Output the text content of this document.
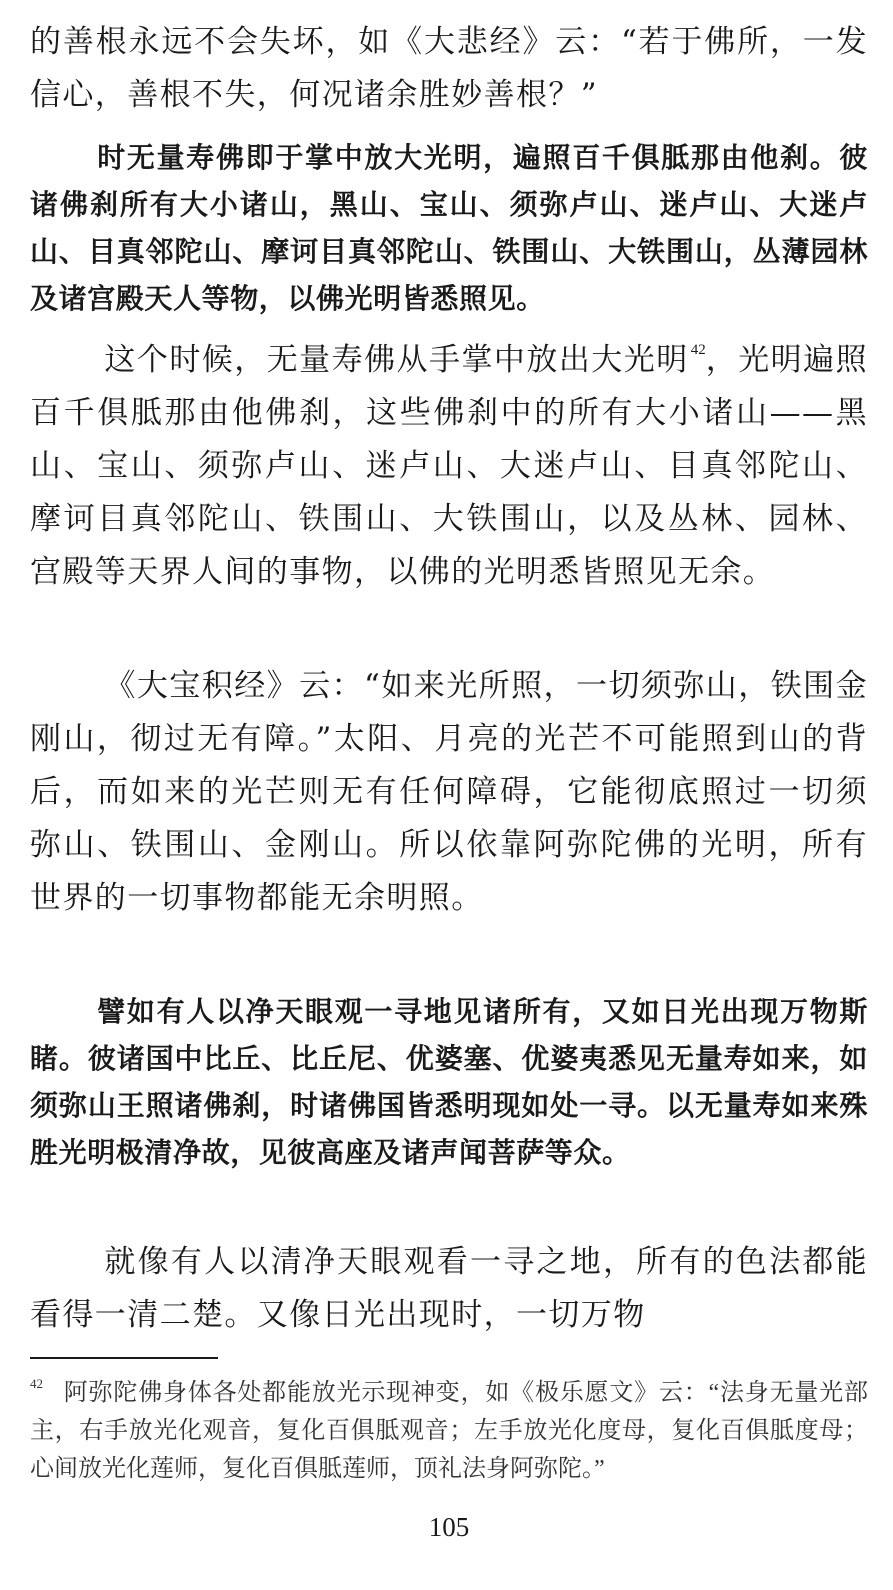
的善根永远不会失坏，如《大悲经》云：“若于佛所，一发信心，善根不失，何况诸余胜妙善根？”

时无量寿佛即于掌中放大光明，遍照百千俱胝那由他刹。彼诸佛刹所有大小诸山，黑山、宝山、须弥卢山、迷卢山、大迷卢山、目真邻陀山、摩诃目真邻陀山、铁围山、大铁围山，丛薄园林及诸宫殿天人等物，以佛光明皆悉照见。

这个时候，无量寿佛从手掌中放出大光明 $^{42}$，光明遍照百千俱胝那由他佛刹，这些佛刹中的所有大小诸山——黑山、宝山、须弥卢山、迷卢山、大迷卢山、目真邻陀山、摩诃目真邻陀山、铁围山、大铁围山，以及丛林、园林、宫殿等天界人间的事物，以佛的光明悉皆照见无余。

《大宝积经》云：“如来光所照，一切须弥山，铁围金刚山，彻过无有障。”太阳、月亮的光芒不可能照到山的背后，而如来的光芒则无有任何障碍，它能彻底照过一切须弥山、铁围山、金刚山。所以依靠阿弥陀佛的光明，所有世界的一切事物都能无余明照。

譬如有人以净天眼观一寻地见诸所有，又如日光出现万物斯睹。彼诸国中比丘、比丘尼、优婆塞、优婆夷悉见无量寿如来，如须弥山王照诸佛刹，时诸佛国皆悉明现如处一寻。以无量寿如来殊胜光明极清净故，见彼高座及诸声闻菩萨等众。

就像有人以清净天眼观看一寻之地，所有的色法都能看得一清二楚。又像日光出现时，一切万物

$^{42}$ 阿弥陀佛身体各处都能放光示现神变，如《极乐愿文》云：“法身无量光部主，右手放光化观音，复化百俱胝观音；左手放光化度母，复化百俱胝度母；心间放光化莲师，复化百俱胝莲师，顶礼法身阿弥陀。”

105
